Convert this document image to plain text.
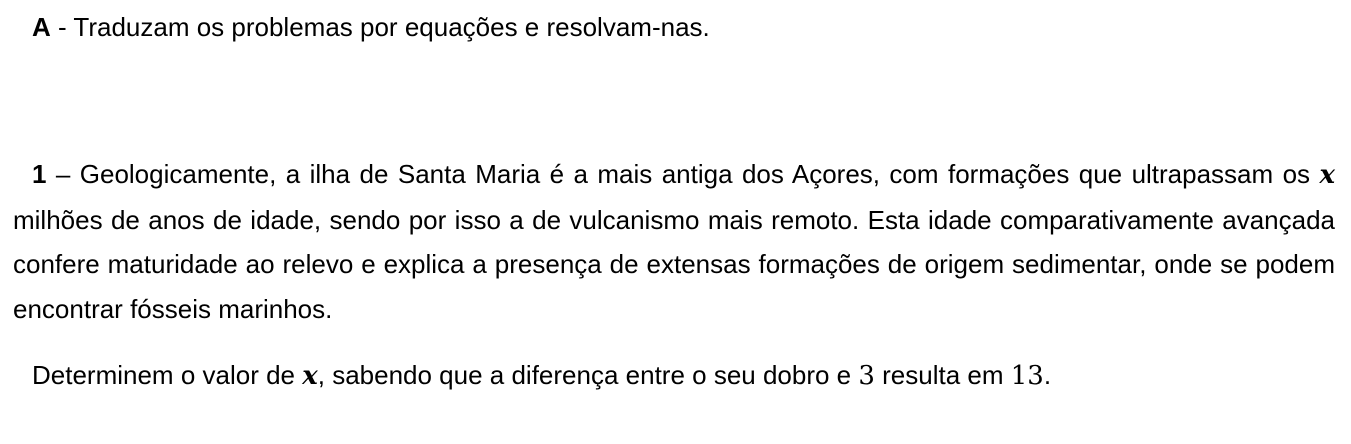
A - Traduzam os problemas por equações e resolvam-nas.
1 – Geologicamente, a ilha de Santa Maria é a mais antiga dos Açores, com formações que ultrapassam os x milhões de anos de idade, sendo por isso a de vulcanismo mais remoto. Esta idade comparativamente avançada confere maturidade ao relevo e explica a presença de extensas formações de origem sedimentar, onde se podem encontrar fósseis marinhos.
Determinem o valor de x, sabendo que a diferença entre o seu dobro e 3 resulta em 13.
